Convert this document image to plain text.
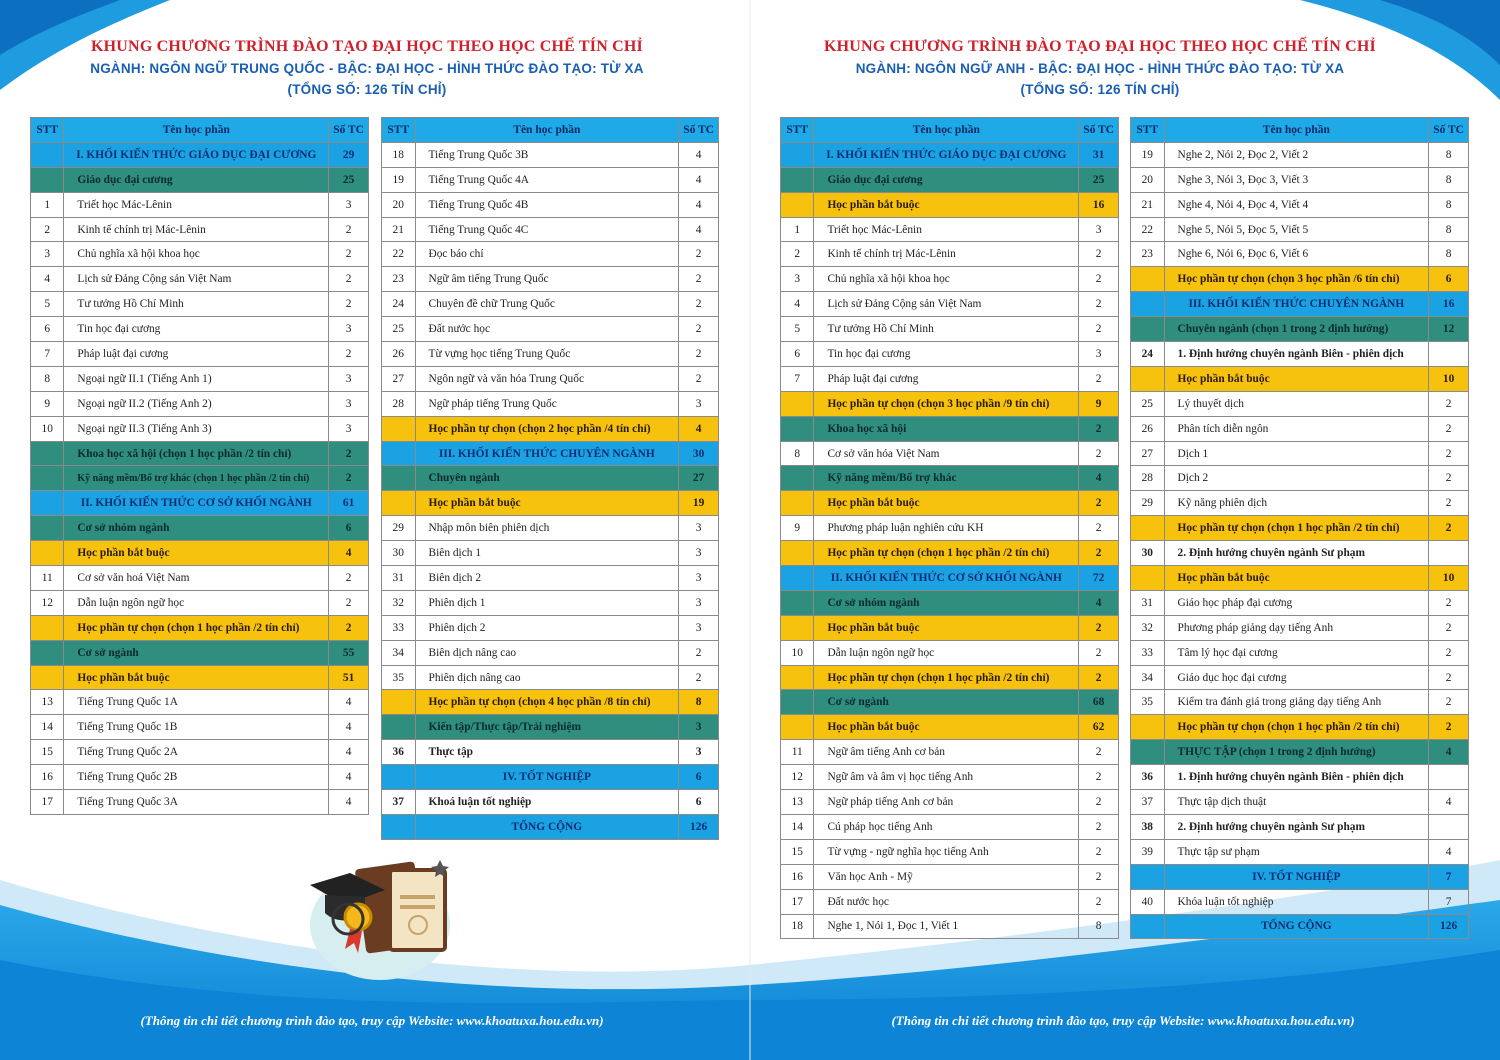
KHUNG CHƯƠNG TRÌNH ĐÀO TẠO ĐẠI HỌC THEO HỌC CHẾ TÍN CHỈ
NGÀNH: NGÔN NGỮ TRUNG QUỐC - BẬC: ĐẠI HỌC - HÌNH THỨC ĐÀO TẠO: TỪ XA
(TỔNG SỐ: 126 TÍN CHỈ)
STT	Tên học phần	Số TC
	I. KHỐI KIẾN THỨC GIÁO DỤC ĐẠI CƯƠNG	29
	Giáo dục đại cương	25
1	Triết học Mác-Lênin	3
2	Kinh tế chính trị Mác-Lênin	2
3	Chủ nghĩa xã hội khoa học	2
4	Lịch sử Đảng Cộng sản Việt Nam	2
5	Tư tưởng Hồ Chí Minh	2
6	Tin học đại cương	3
7	Pháp luật đại cương	2
8	Ngoại ngữ II.1 (Tiếng Anh 1)	3
9	Ngoại ngữ II.2 (Tiếng Anh 2)	3
10	Ngoại ngữ II.3 (Tiếng Anh 3)	3
	Khoa học xã hội (chọn 1 học phần /2 tín chỉ)	2
	Kỹ năng mềm/Bổ trợ khác (chọn 1 học phần /2 tín chỉ)	2
	II. KHỐI KIẾN THỨC CƠ SỞ KHỐI NGÀNH	61
	Cơ sở nhóm ngành	6
	Học phần bắt buộc	4
11	Cơ sở văn hoá Việt Nam	2
12	Dẫn luận ngôn ngữ học	2
	Học phần tự chọn (chọn 1 học phần /2 tín chỉ)	2
	Cơ sở ngành	55
	Học phần bắt buộc	51
13	Tiếng Trung Quốc 1A	4
14	Tiếng Trung Quốc 1B	4
15	Tiếng Trung Quốc 2A	4
16	Tiếng Trung Quốc 2B	4
17	Tiếng Trung Quốc 3A	4
STT	Tên học phần	Số TC
18	Tiếng Trung Quốc 3B	4
19	Tiếng Trung Quốc 4A	4
20	Tiếng Trung Quốc 4B	4
21	Tiếng Trung Quốc 4C	4
22	Đọc báo chí	2
23	Ngữ âm tiếng Trung Quốc	2
24	Chuyên đề chữ Trung Quốc	2
25	Đất nước học	2
26	Từ vựng học tiếng Trung Quốc	2
27	Ngôn ngữ và văn hóa Trung Quốc	2
28	Ngữ pháp tiếng Trung Quốc	3
	Học phần tự chọn (chọn 2 học phần /4 tín chỉ)	4
	III. KHỐI KIẾN THỨC CHUYÊN NGÀNH	30
	Chuyên ngành	27
	Học phần bắt buộc	19
29	Nhập môn biên phiên dịch	3
30	Biên dịch 1	3
31	Biên dịch 2	3
32	Phiên dịch 1	3
33	Phiên dịch 2	3
34	Biên dịch nâng cao	2
35	Phiên dịch nâng cao	2
	Học phần tự chọn (chọn 4 học phần /8 tín chỉ)	8
	Kiến tập/Thực tập/Trải nghiệm	3
36	Thực tập	3
	IV. TỐT NGHIỆP	6
37	Khoá luận tốt nghiệp	6
	TỔNG CỘNG	126
(Thông tin chi tiết chương trình đào tạo, truy cập Website: www.khoatuxa.hou.edu.vn)
KHUNG CHƯƠNG TRÌNH ĐÀO TẠO ĐẠI HỌC THEO HỌC CHẾ TÍN CHỈ
NGÀNH: NGÔN NGỮ ANH - BẬC: ĐẠI HỌC - HÌNH THỨC ĐÀO TẠO: TỪ XA
(TỔNG SỐ: 126 TÍN CHỈ)
STT	Tên học phần	Số TC
	I. KHỐI KIẾN THỨC GIÁO DỤC ĐẠI CƯƠNG	31
	Giáo dục đại cương	25
	Học phần bắt buộc	16
1	Triết học Mác-Lênin	3
2	Kinh tế chính trị Mác-Lênin	2
3	Chủ nghĩa xã hội khoa học	2
4	Lịch sử Đảng Cộng sản Việt Nam	2
5	Tư tưởng Hồ Chí Minh	2
6	Tin học đại cương	3
7	Pháp luật đại cương	2
	Học phần tự chọn (chọn 3 học phần /9 tín chỉ)	9
	Khoa học xã hội	2
8	Cơ sở văn hóa Việt Nam	2
	Kỹ năng mềm/Bổ trợ khác	4
	Học phần bắt buộc	2
9	Phương pháp luận nghiên cứu KH	2
	Học phần tự chọn (chọn 1 học phần /2 tín chỉ)	2
	II. KHỐI KIẾN THỨC CƠ SỞ KHỐI NGÀNH	72
	Cơ sở nhóm ngành	4
	Học phần bắt buộc	2
10	Dẫn luận ngôn ngữ học	2
	Học phần tự chọn (chọn 1 học phần /2 tín chỉ)	2
	Cơ sở ngành	68
	Học phần bắt buộc	62
11	Ngữ âm tiếng Anh cơ bản	2
12	Ngữ âm và âm vị học tiếng Anh	2
13	Ngữ pháp tiếng Anh cơ bản	2
14	Cú pháp học tiếng Anh	2
15	Từ vựng - ngữ nghĩa học tiếng Anh	2
16	Văn học Anh - Mỹ	2
17	Đất nước học	2
18	Nghe 1, Nói 1, Đọc 1, Viết 1	8
STT	Tên học phần	Số TC
19	Nghe 2, Nói 2, Đọc 2, Viết 2	8
20	Nghe 3, Nói 3, Đọc 3, Viết 3	8
21	Nghe 4, Nói 4, Đọc 4, Viết 4	8
22	Nghe 5, Nói 5, Đọc 5, Viết 5	8
23	Nghe 6, Nói 6, Đọc 6, Viết 6	8
	Học phần tự chọn (chọn 3 học phần /6 tín chỉ)	6
	III. KHỐI KIẾN THỨC CHUYÊN NGÀNH	16
	Chuyên ngành (chọn 1 trong 2 định hướng)	12
24	1. Định hướng chuyên ngành Biên - phiên dịch	
	Học phần bắt buộc	10
25	Lý thuyết dịch	2
26	Phân tích diễn ngôn	2
27	Dịch 1	2
28	Dịch 2	2
29	Kỹ năng phiên dịch	2
	Học phần tự chọn (chọn 1 học phần /2 tín chỉ)	2
30	2. Định hướng chuyên ngành Sư phạm	
	Học phần bắt buộc	10
31	Giáo học pháp đại cương	2
32	Phương pháp giảng dạy tiếng Anh	2
33	Tâm lý học đại cương	2
34	Giáo dục học đại cương	2
35	Kiểm tra đánh giá trong giảng dạy tiếng Anh	2
	Học phần tự chọn (chọn 1 học phần /2 tín chỉ)	2
	THỰC TẬP (chọn 1 trong 2 định hướng)	4
36	1. Định hướng chuyên ngành Biên - phiên dịch	
37	Thực tập dịch thuật	4
38	2. Định hướng chuyên ngành Sư phạm	
39	Thực tập sư phạm	4
	IV. TỐT NGHIỆP	7
40	Khóa luận tốt nghiệp	7
	TỔNG CỘNG	126
(Thông tin chi tiết chương trình đào tạo, truy cập Website: www.khoatuxa.hou.edu.vn)
